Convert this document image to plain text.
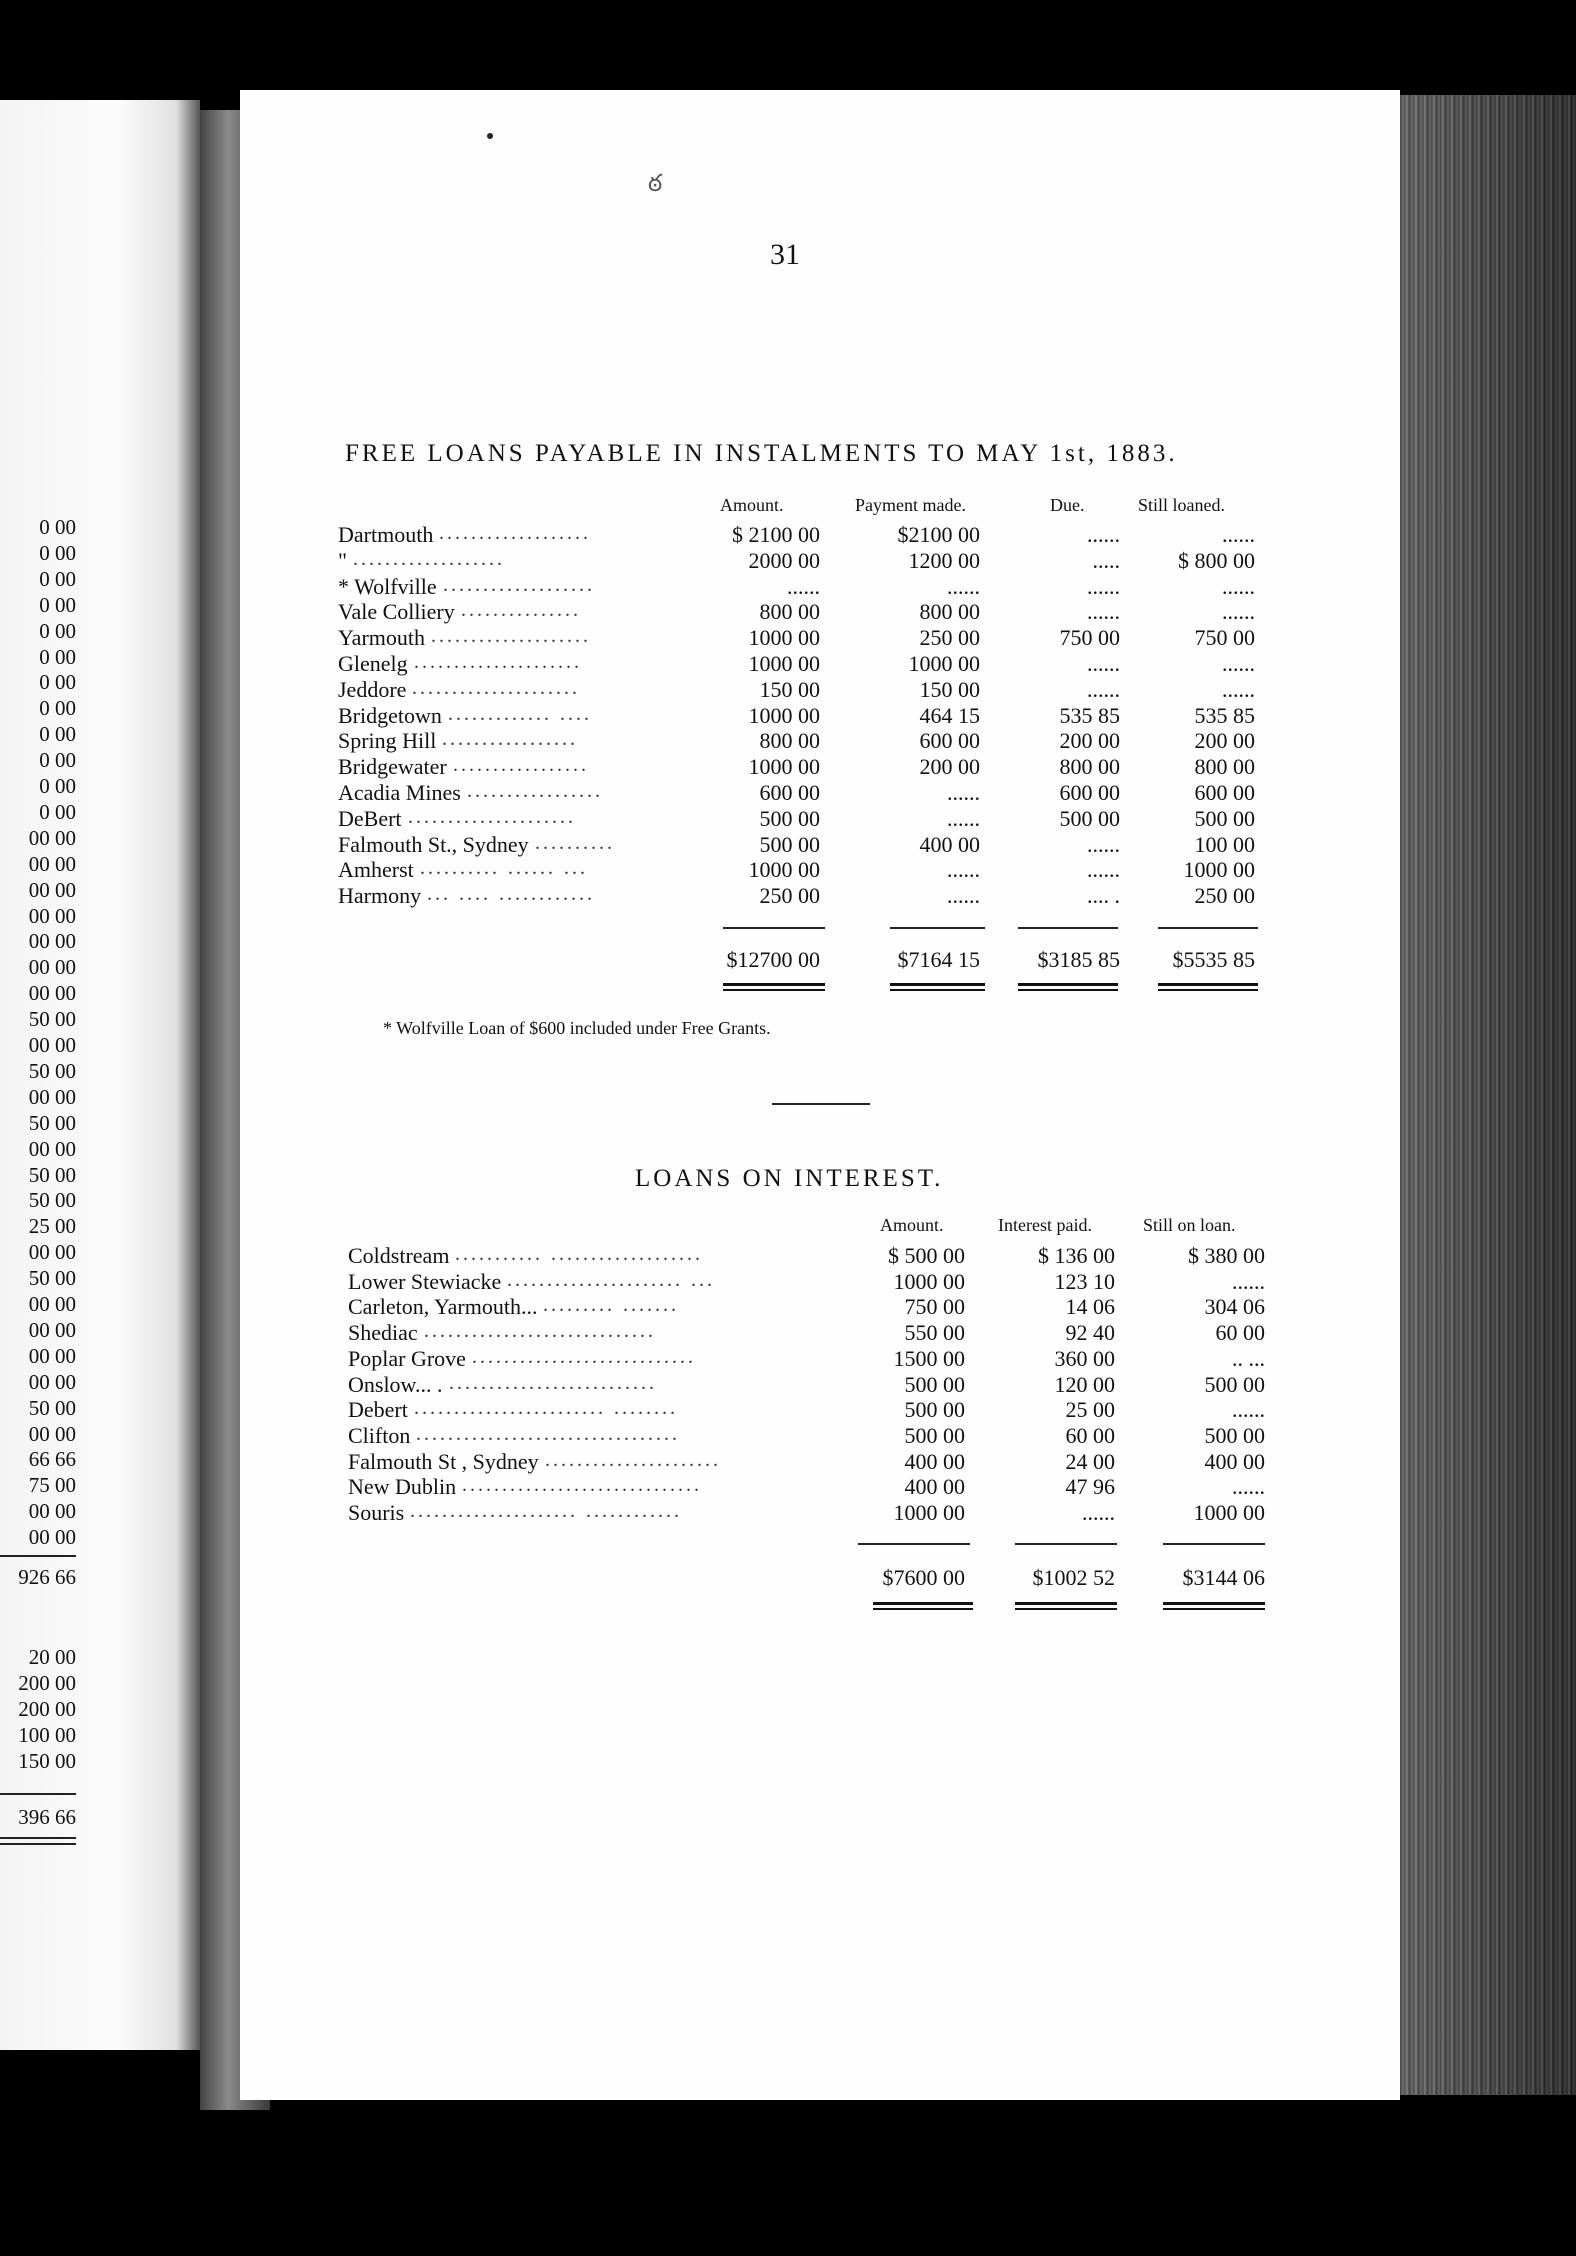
0 00
0 00
0 00
0 00
0 00
0 00
0 00
0 00
0 00
0 00
0 00
0 00
00 00
00 00
00 00
00 00
00 00
00 00
00 00
50 00
00 00
50 00
00 00
50 00
00 00
50 00
50 00
25 00
00 00
50 00
00 00
00 00
00 00
00 00
50 00
00 00
66 66
75 00
00 00
00 00
926 66
20 00
200 00
200 00
100 00
150 00
396 66
ఠ
31
FREE LOANS PAYABLE IN INSTALMENTS TO MAY 1st, 1883.
Amount.	Payment made.	Due.	Still loaned.
Dartmouth ...................	$ 2100 00	$2100 00	......	......
" ...................	2000 00	1200 00	.....	$ 800 00
* Wolfville ...................	......	......	......	......
Vale Colliery ...............	800 00	800 00	......	......
Yarmouth ....................	1000 00	250 00	750 00	750 00
Glenelg .....................	1000 00	1000 00	......	......
Jeddore .....................	150 00	150 00	......	......
Bridgetown ............. ....	1000 00	464 15	535 85	535 85
Spring Hill .................	800 00	600 00	200 00	200 00
Bridgewater .................	1000 00	200 00	800 00	800 00
Acadia Mines .................	600 00	......	600 00	600 00
DeBert .....................	500 00	......	500 00	500 00
Falmouth St., Sydney ..........	500 00	400 00	......	100 00
Amherst .......... ...... ...	1000 00	......	......	1000 00
Harmony ... .... ............	250 00	......	.... .	250 00
$12700 00	$7164 15	$3185 85	$5535 85
* Wolfville Loan of $600 included under Free Grants.
LOANS ON INTEREST.
Amount.	Interest paid.	Still on loan.
Coldstream ........... ...................	$ 500 00	$ 136 00	$ 380 00
Lower Stewiacke ...................... ...	1000 00	123 10	......
Carleton, Yarmouth... ......... .......	750 00	14 06	304 06
Shediac .............................	550 00	92 40	60 00
Poplar Grove ............................	1500 00	360 00	.. ...
Onslow... . ..........................	500 00	120 00	500 00
Debert ........................ ........	500 00	25 00	......
Clifton .................................	500 00	60 00	500 00
Falmouth St , Sydney ......................	400 00	24 00	400 00
New Dublin ..............................	400 00	47 96	......
Souris ..................... ............	1000 00	......	1000 00
$7600 00	$1002 52	$3144 06
